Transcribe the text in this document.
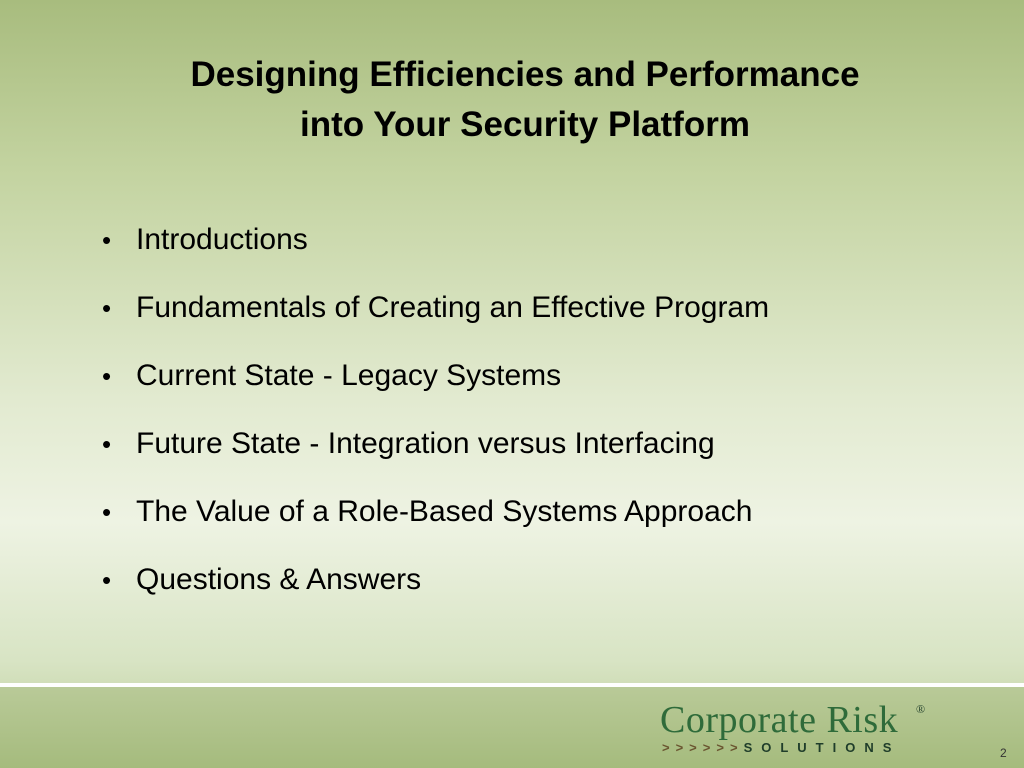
Designing Efficiencies and Performance
into Your Security Platform
• Introductions
• Fundamentals of Creating an Effective Program
• Current State - Legacy Systems
• Future State - Integration versus Interfacing
• The Value of a Role-Based Systems Approach
• Questions & Answers
Corporate Risk ®
>>>>>>SOLUTIONS	2
